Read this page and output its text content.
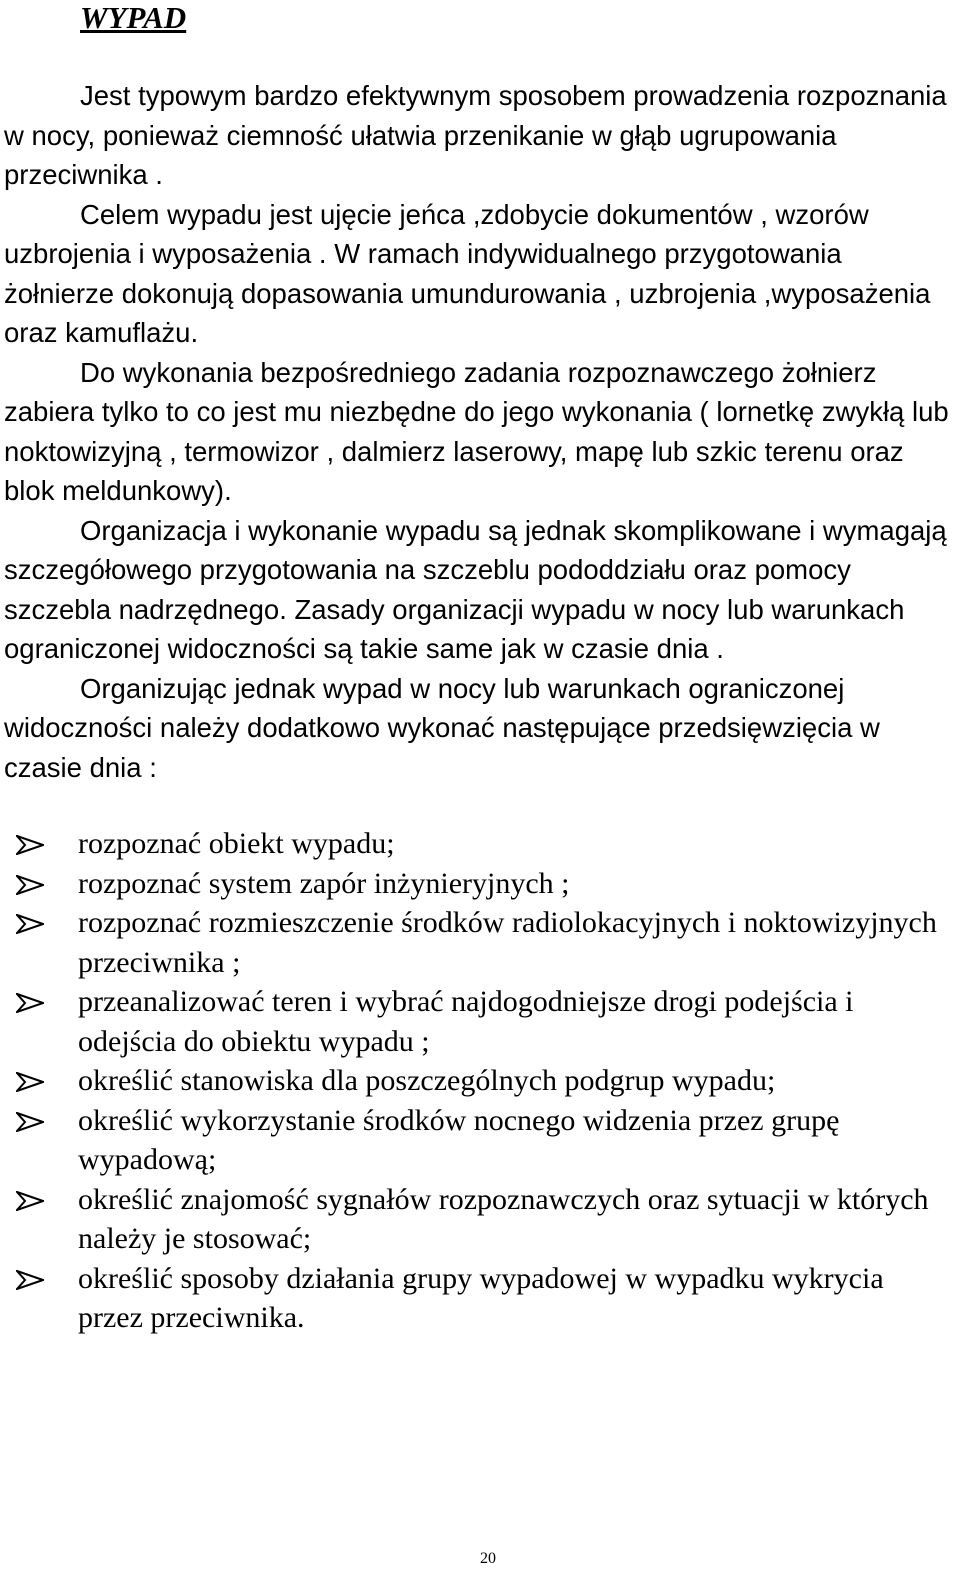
WYPAD

Jest typowym bardzo efektywnym sposobem prowadzenia rozpoznania w nocy, ponieważ ciemność ułatwia przenikanie w głąb ugrupowania przeciwnika .

Celem wypadu jest ujęcie jeńca ,zdobycie dokumentów , wzorów uzbrojenia i wyposażenia . W ramach indywidualnego przygotowania żołnierze dokonują dopasowania umundurowania , uzbrojenia ,wyposażenia oraz kamuflażu.

Do wykonania bezpośredniego zadania rozpoznawczego żołnierz zabiera tylko to co jest mu niezbędne do jego wykonania ( lornetkę zwykłą lub noktowizyjną , termowizor , dalmierz laserowy, mapę lub szkic terenu oraz blok meldunkowy).

Organizacja i wykonanie wypadu są jednak skomplikowane i wymagają szczegółowego przygotowania na szczeblu pododdziału oraz pomocy szczebla nadrzędnego. Zasady organizacji wypadu w nocy lub warunkach ograniczonej widoczności są takie same jak w czasie dnia .

Organizując jednak wypad w nocy lub warunkach ograniczonej widoczności należy dodatkowo wykonać następujące przedsięwzięcia w czasie dnia :

rozpoznać obiekt wypadu;
rozpoznać system zapór inżynieryjnych ;
rozpoznać rozmieszczenie środków radiolokacyjnych i noktowizyjnych przeciwnika ;
przeanalizować teren i wybrać najdogodniejsze drogi podejścia i odejścia do obiektu wypadu ;
określić stanowiska dla poszczególnych podgrup wypadu;
określić wykorzystanie środków nocnego widzenia przez grupę wypadową;
określić znajomość sygnałów rozpoznawczych oraz sytuacji w których należy je stosować;
określić sposoby działania grupy wypadowej w wypadku wykrycia przez przeciwnika.
20
